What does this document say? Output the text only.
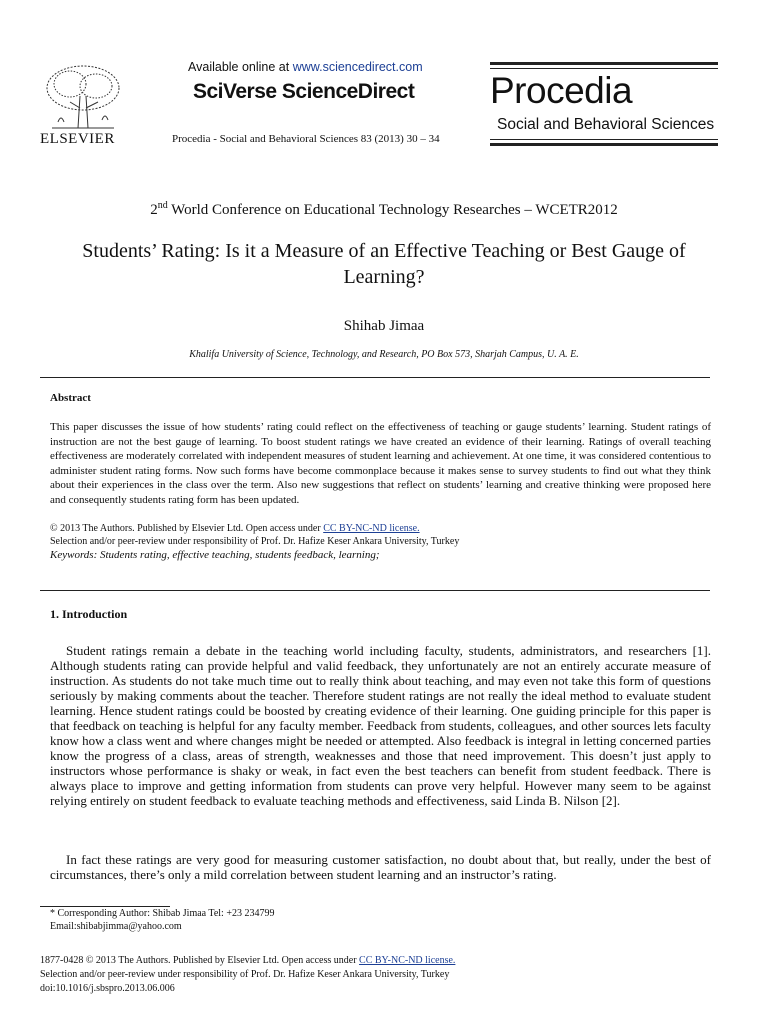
ELSEVIER
Available online at www.sciencedirect.com
SciVerse ScienceDirect
Procedia - Social and Behavioral Sciences 83 (2013) 30 – 34
Procedia
Social and Behavioral Sciences
2nd World Conference on Educational Technology Researches – WCETR2012
Students’ Rating: Is it a Measure of an Effective Teaching or Best Gauge of Learning?
Shihab Jimaa
Khalifa University of Science, Technology, and Research, PO Box 573, Sharjah Campus, U. A. E.
Abstract
This paper discusses the issue of how students’ rating could reflect on the effectiveness of teaching or gauge students’ learning. Student ratings of instruction are not the best gauge of learning. To boost student ratings we have created an evidence of their learning. Ratings of overall teaching effectiveness are moderately correlated with independent measures of student learning and achievement. At one time, it was considered contentious to administer student rating forms. Now such forms have become commonplace because it makes sense to survey students to find out what they think about their experiences in the class over the term. Also new suggestions that reflect on students’ learning and creative thinking were proposed here and consequently students rating form has been updated.
© 2013 The Authors. Published by Elsevier Ltd. Open access under CC BY-NC-ND license.
Selection and/or peer-review under responsibility of Prof. Dr. Hafize Keser Ankara University, Turkey
Keywords: Students rating, effective teaching, students feedback, learning;
1. Introduction

Student ratings remain a debate in the teaching world including faculty, students, administrators, and researchers [1]. Although students rating can provide helpful and valid feedback, they unfortunately are not an entirely accurate measure of instruction. As students do not take much time out to really think about teaching, and may even not take this form of questions seriously by making comments about the teacher. Therefore student ratings are not really the ideal method to evaluate student learning. Hence student ratings could be boosted by creating evidence of their learning. One guiding principle for this paper is that feedback on teaching is helpful for any faculty member. Feedback from students, colleagues, and other sources lets faculty know how a class went and where changes might be needed or attempted. Also feedback is integral in letting concerned parties know the progress of a class, areas of strength, weaknesses and those that need improvement. This doesn’t just apply to instructors whose performance is shaky or weak, in fact even the best teachers can benefit from student feedback. There is always place to improve and getting information from students can prove very helpful. However many seem to be against relying entirely on student feedback to evaluate teaching methods and effectiveness, said Linda B. Nilson [2].

In fact these ratings are very good for measuring customer satisfaction, no doubt about that, but really, under the best of circumstances, there’s only a mild correlation between student learning and an instructor’s rating.

* Corresponding Author: Shibab Jimaa Tel: +23 234799
Email:shibabjimma@yahoo.com
1877-0428 © 2013 The Authors. Published by Elsevier Ltd. Open access under CC BY-NC-ND license.
Selection and/or peer-review under responsibility of Prof. Dr. Hafize Keser Ankara University, Turkey
doi:10.1016/j.sbspro.2013.06.006
